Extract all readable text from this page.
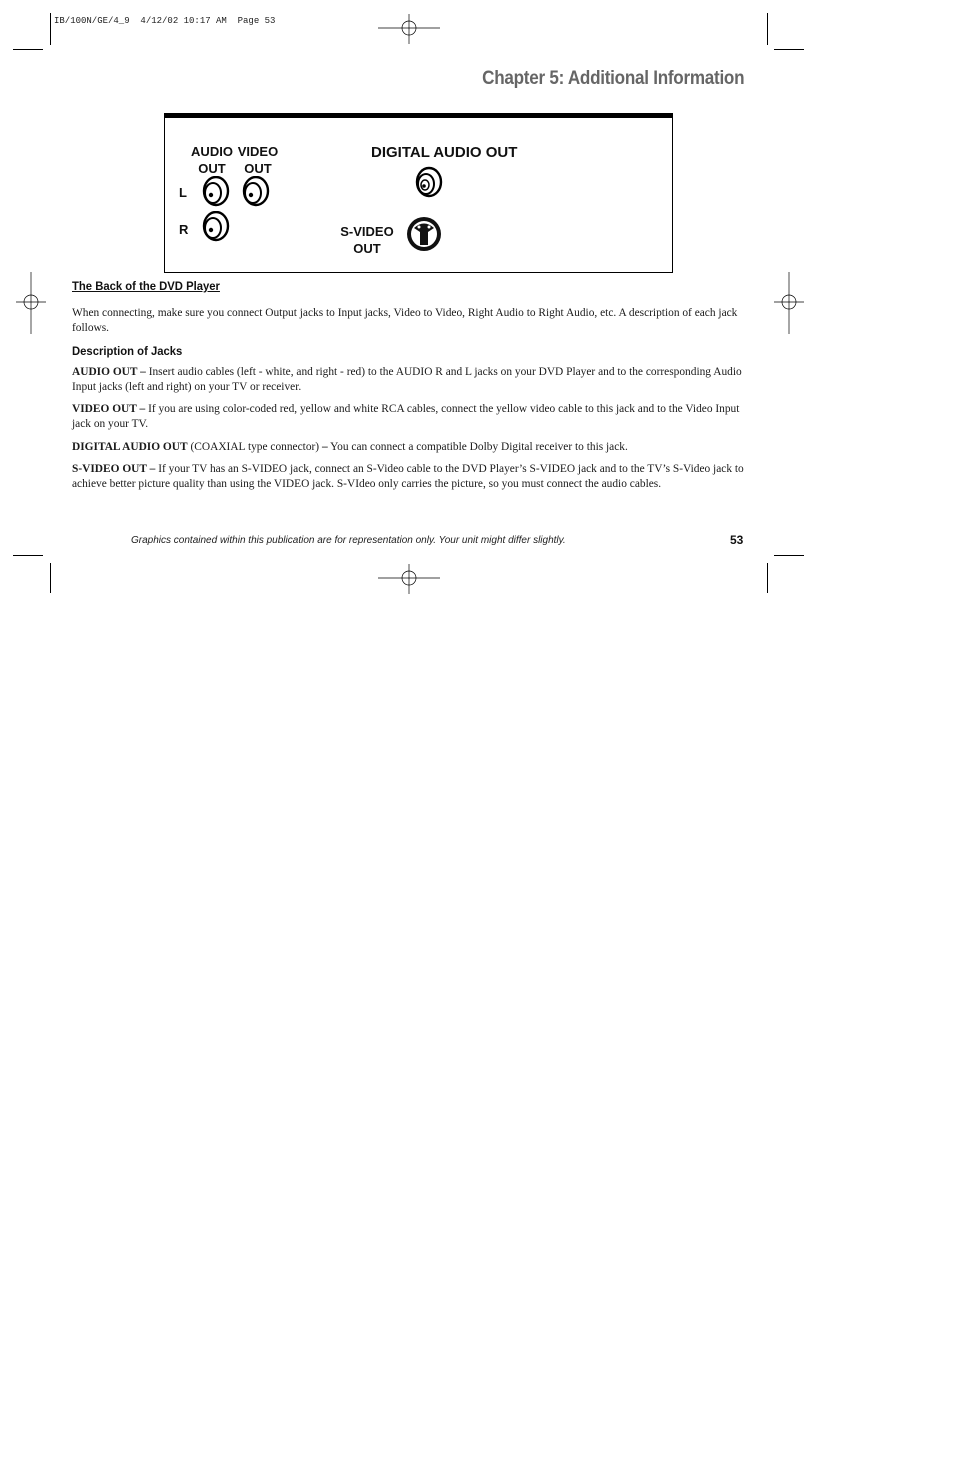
IB/100N/GE/4_9  4/12/02 10:17 AM  Page 53
Chapter 5: Additional Information
AUDIO
OUT
VIDEO
OUT
L
R
DIGITAL AUDIO OUT
S-VIDEO
OUT
The Back of the DVD Player

When connecting, make sure you connect Output jacks to Input jacks, Video to Video, Right Audio to Right Audio, etc. A description of each jack follows.

Description of Jacks

AUDIO OUT – Insert audio cables (left - white, and right - red) to the AUDIO R and L jacks on your DVD Player and to the corresponding Audio Input jacks (left and right) on your TV or receiver.

VIDEO OUT – If you are using color-coded red, yellow and white RCA cables, connect the yellow video cable to this jack and to the Video Input jack on your TV.

DIGITAL AUDIO OUT (COAXIAL type connector) – You can connect a compatible Dolby Digital receiver to this jack.

S-VIDEO OUT – If your TV has an S-VIDEO jack, connect an S-Video cable to the DVD Player’s S-VIDEO jack and to the TV’s S-Video jack to achieve better picture quality than using the VIDEO jack. S-VIdeo only carries the picture, so you must connect the audio cables.

Graphics contained within this publication are for representation only. Your unit might differ slightly.	53
